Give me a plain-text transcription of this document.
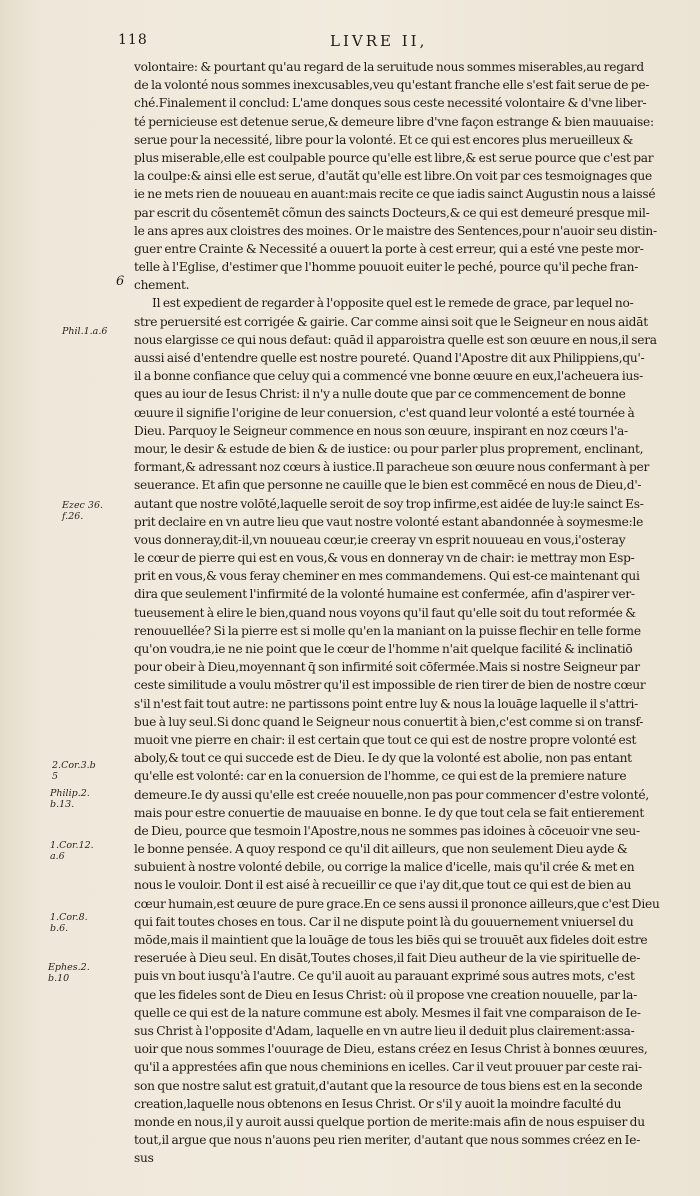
118	LIVRE II,
6
Phil.1.a.6
Ezec 36.
f.26.
2.Cor.3.b
5
Philip.2.
b.13.
1.Cor.12.
a.6
1.Cor.8.
b.6.
Ephes.2.
b.10
volontaire: & pourtant qu'au regard de la seruitude nous sommes miserables,au regard
de la volonté nous sommes inexcusables,veu qu'estant franche elle s'est fait serue de pe-
ché.Finalement il conclud: L'ame donques sous ceste necessité volontaire & d'vne liber-
té pernicieuse est detenue serue,& demeure libre d'vne façon estrange & bien mauuaise:
serue pour la necessité, libre pour la volonté. Et ce qui est encores plus merueilleux &
plus miserable,elle est coulpable pource qu'elle est libre,& est serue pource que c'est par
la coulpe:& ainsi elle est serue, d'autãt qu'elle est libre.On voit par ces tesmoignages que
ie ne mets rien de nouueau en auant:mais recite ce que iadis sainct Augustin nous a laissé
par escrit du cõsentemēt cõmun des saincts Docteurs,& ce qui est demeuré presque mil-
le ans apres aux cloistres des moines. Or le maistre des Sentences,pour n'auoir seu distin-
guer entre Crainte & Necessité a ouuert la porte à cest erreur, qui a esté vne peste mor-
telle à l'Eglise, d'estimer que l'homme pouuoit euiter le peché, pource qu'il peche fran-
chement.
Il est expedient de regarder à l'opposite quel est le remede de grace, par lequel no-
stre peruersité est corrigée & gairie. Car comme ainsi soit que le Seigneur en nous aidāt
nous elargisse ce qui nous defaut: quād il apparoistra quelle est son œuure en nous,il sera
aussi aisé d'entendre quelle est nostre poureté. Quand l'Apostre dit aux Philippiens,qu'-
il a bonne confiance que celuy qui a commencé vne bonne œuure en eux,l'acheuera ius-
ques au iour de Iesus Christ: il n'y a nulle doute que par ce commencement de bonne
œuure il signifie l'origine de leur conuersion, c'est quand leur volonté a esté tournée à
Dieu. Parquoy le Seigneur commence en nous son œuure, inspirant en noz cœurs l'a-
mour, le desir & estude de bien & de iustice: ou pour parler plus proprement, enclinant,
formant,& adressant noz cœurs à iustice.Il paracheue son œuure nous confermant à per
seuerance. Et afin que personne ne cauille que le bien est commēcé en nous de Dieu,d'-
autant que nostre volōté,laquelle seroit de soy trop infirme,est aidée de luy:le sainct Es-
prit declaire en vn autre lieu que vaut nostre volonté estant abandonnée à soymesme:le
vous donneray,dit-il,vn nouueau cœur,ie creeray vn esprit nouueau en vous,i'osteray
le cœur de pierre qui est en vous,& vous en donneray vn de chair: ie mettray mon Esp-
prit en vous,& vous feray cheminer en mes commandemens. Qui est-ce maintenant qui
dira que seulement l'infirmité de la volonté humaine est confermée, afin d'aspirer ver-
tueusement à elire le bien,quand nous voyons qu'il faut qu'elle soit du tout reformée &
renouuellée? Si la pierre est si molle qu'en la maniant on la puisse flechir en telle forme
qu'on voudra,ie ne nie point que le cœur de l'homme n'ait quelque facilité & inclinatiō
pour obeir à Dieu,moyennant q̄ son infirmité soit cōfermée.Mais si nostre Seigneur par
ceste similitude a voulu mōstrer qu'il est impossible de rien tirer de bien de nostre cœur
s'il n'est fait tout autre: ne partissons point entre luy & nous la louāge laquelle il s'attri-
bue à luy seul.Si donc quand le Seigneur nous conuertit à bien,c'est comme si on transf-
muoit vne pierre en chair: il est certain que tout ce qui est de nostre propre volonté est
aboly,& tout ce qui succede est de Dieu. Ie dy que la volonté est abolie, non pas entant
qu'elle est volonté: car en la conuersion de l'homme, ce qui est de la premiere nature
demeure.Ie dy aussi qu'elle est creée nouuelle,non pas pour commencer d'estre volonté,
mais pour estre conuertie de mauuaise en bonne. Ie dy que tout cela se fait entierement
de Dieu, pource que tesmoin l'Apostre,nous ne sommes pas idoines à cōceuoir vne seu-
le bonne pensée. A quoy respond ce qu'il dit ailleurs, que non seulement Dieu ayde &
subuient à nostre volonté debile, ou corrige la malice d'icelle, mais qu'il crée & met en
nous le vouloir. Dont il est aisé à recueillir ce que i'ay dit,que tout ce qui est de bien au
cœur humain,est œuure de pure grace.En ce sens aussi il prononce ailleurs,que c'est Dieu
qui fait toutes choses en tous. Car il ne dispute point là du gouuernement vniuersel du
mōde,mais il maintient que la louāge de tous les biēs qui se trouuēt aux fideles doit estre
reseruée à Dieu seul. En disāt,Toutes choses,il fait Dieu autheur de la vie spirituelle de-
puis vn bout iusqu'à l'autre. Ce qu'il auoit au parauant exprimé sous autres mots, c'est
que les fideles sont de Dieu en Iesus Christ: où il propose vne creation nouuelle, par la-
quelle ce qui est de la nature commune est aboly. Mesmes il fait vne comparaison de Ie-
sus Christ à l'opposite d'Adam, laquelle en vn autre lieu il deduit plus clairement:assa-
uoir que nous sommes l'ouurage de Dieu, estans créez en Iesus Christ à bonnes œuures,
qu'il a apprestées afin que nous cheminions en icelles. Car il veut prouuer par ceste rai-
son que nostre salut est gratuit,d'autant que la resource de tous biens est en la seconde
creation,laquelle nous obtenons en Iesus Christ. Or s'il y auoit la moindre faculté du
monde en nous,il y auroit aussi quelque portion de merite:mais afin de nous espuiser du
tout,il argue que nous n'auons peu rien meriter, d'autant que nous sommes créez en Ie-
sus
